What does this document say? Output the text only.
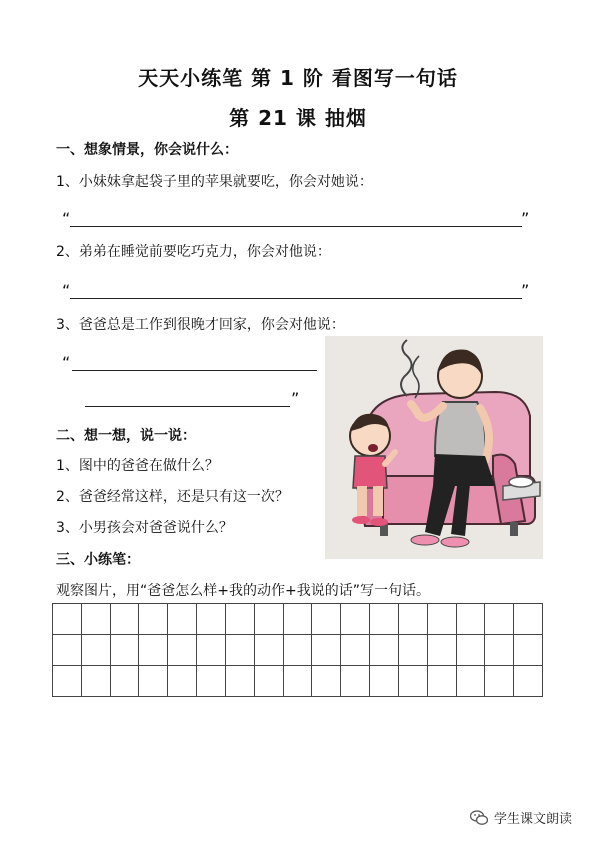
天天小练笔 第 1 阶 看图写一句话
第 21 课 抽烟
一、想象情景，你会说什么：
1、小妹妹拿起袋子里的苹果就要吃，你会对她说：
“	”
2、弟弟在睡觉前要吃巧克力，你会对他说：
“	”
3、爸爸总是工作到很晚才回家，你会对他说：
“
”
二、想一想，说一说：
1、图中的爸爸在做什么？
2、爸爸经常这样，还是只有这一次？
3、小男孩会对爸爸说什么？
三、小练笔：
观察图片，用“爸爸怎么样+我的动作+我说的话”写一句话。
学生课文朗读
